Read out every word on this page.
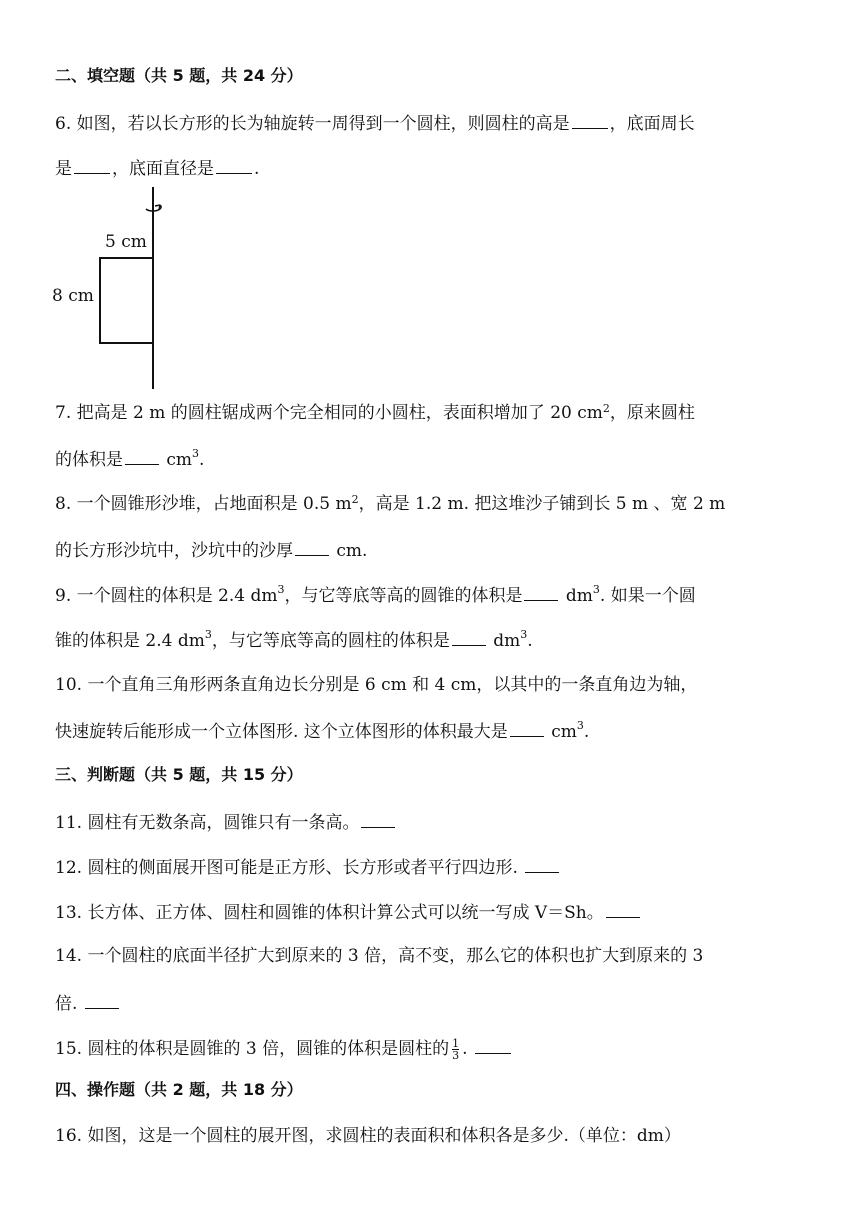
二、填空题（共 5 题，共 24 分）
6. 如图，若以长方形的长为轴旋转一周得到一个圆柱，则圆柱的高是 ，底面周长
是 ，底面直径是 .
5 cm
8 cm
7. 把高是 2 m 的圆柱锯成两个完全相同的小圆柱，表面积增加了 20 $cm^2$，原来圆柱
的体积是 $cm^3$.
8. 一个圆锥形沙堆，占地面积是 0.5 $m^2$，高是 1.2 m. 把这堆沙子铺到长 5 m 、宽 2 m
的长方形沙坑中，沙坑中的沙厚 cm.
9. 一个圆柱的体积是 2.4 $dm^3$，与它等底等高的圆锥的体积是 $dm^3$. 如果一个圆
锥的体积是 2.4 $dm^3$，与它等底等高的圆柱的体积是 $dm^3$.
10. 一个直角三角形两条直角边长分别是 6 cm 和 4 cm，以其中的一条直角边为轴，
快速旋转后能形成一个立体图形. 这个立体图形的体积最大是 $cm^3$.
三、判断题（共 5 题，共 15 分）
11. 圆柱有无数条高，圆锥只有一条高。
12. 圆柱的侧面展开图可能是正方形、长方形或者平行四边形.
13. 长方体、正方体、圆柱和圆锥的体积计算公式可以统一写成 V＝Sh。
14. 一个圆柱的底面半径扩大到原来的 3 倍，高不变，那么它的体积也扩大到原来的 3
倍.
15. 圆柱的体积是圆锥的 3 倍，圆锥的体积是圆柱的 $\frac{1}{3}$ .
四、操作题（共 2 题，共 18 分）
16. 如图，这是一个圆柱的展开图，求圆柱的表面积和体积各是多少.（单位：dm）
